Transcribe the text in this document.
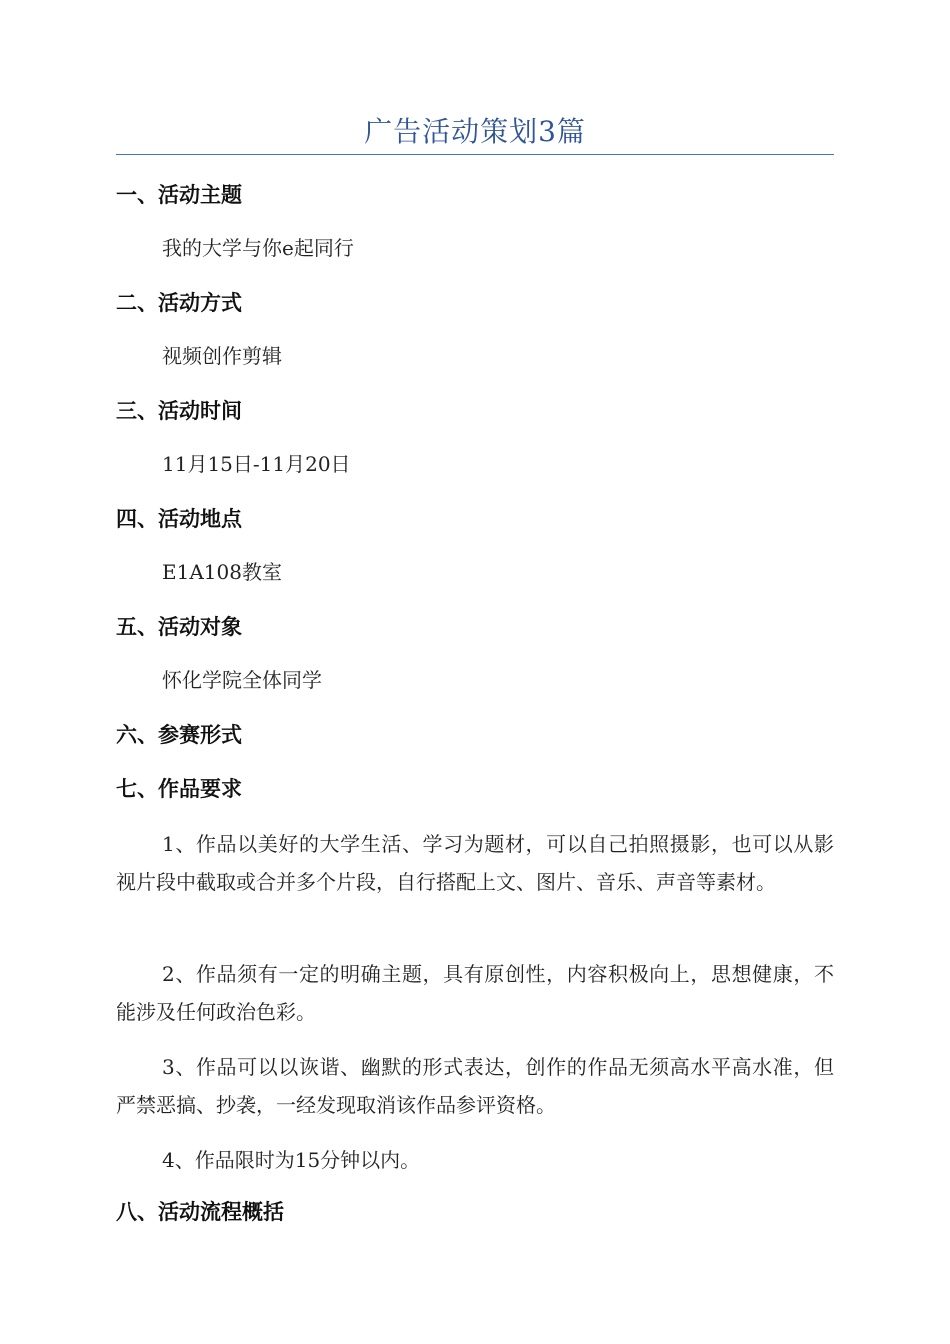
广告活动策划3篇
一、活动主题
我的大学与你e起同行
二、活动方式
视频创作剪辑
三、活动时间
11月15日-11月20日
四、活动地点
E1A108教室
五、活动对象
怀化学院全体同学
六、参赛形式
七、作品要求
1、作品以美好的大学生活、学习为题材，可以自己拍照摄影，也可以从影视片段中截取或合并多个片段，自行搭配上文、图片、音乐、声音等素材。
2、作品须有一定的明确主题，具有原创性，内容积极向上，思想健康，不能涉及任何政治色彩。
3、作品可以以诙谐、幽默的形式表达，创作的作品无须高水平高水准，但严禁恶搞、抄袭，一经发现取消该作品参评资格。
4、作品限时为15分钟以内。
八、活动流程概括
